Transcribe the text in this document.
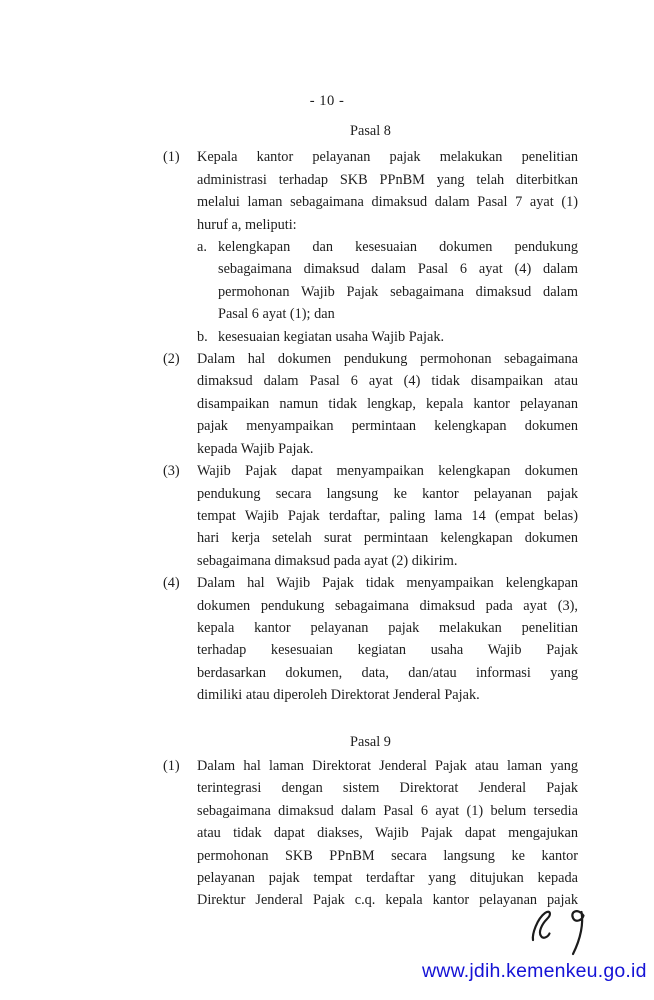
- 10 -
Pasal 8
(1)	Kepala kantor pelayanan pajak melakukan penelitian
administrasi terhadap SKB PPnBM yang telah diterbitkan
melalui laman sebagaimana dimaksud dalam Pasal 7 ayat (1)
huruf a, meliputi:
a. kelengkapan dan kesesuaian dokumen pendukung
sebagaimana dimaksud dalam Pasal 6 ayat (4) dalam
permohonan Wajib Pajak sebagaimana dimaksud dalam
Pasal 6 ayat (1); dan
b. kesesuaian kegiatan usaha Wajib Pajak.
(2)	Dalam hal dokumen pendukung permohonan sebagaimana
dimaksud dalam Pasal 6 ayat (4) tidak disampaikan atau
disampaikan namun tidak lengkap, kepala kantor pelayanan
pajak menyampaikan permintaan kelengkapan dokumen
kepada Wajib Pajak.
(3)	Wajib Pajak dapat menyampaikan kelengkapan dokumen
pendukung secara langsung ke kantor pelayanan pajak
tempat Wajib Pajak terdaftar, paling lama 14 (empat belas)
hari kerja setelah surat permintaan kelengkapan dokumen
sebagaimana dimaksud pada ayat (2) dikirim.
(4)	Dalam hal Wajib Pajak tidak menyampaikan kelengkapan
dokumen pendukung sebagaimana dimaksud pada ayat (3),
kepala kantor pelayanan pajak melakukan penelitian
terhadap kesesuaian kegiatan usaha Wajib Pajak
berdasarkan dokumen, data, dan/atau informasi yang
dimiliki atau diperoleh Direktorat Jenderal Pajak.
Pasal 9
(1)	Dalam hal laman Direktorat Jenderal Pajak atau laman yang
terintegrasi dengan sistem Direktorat Jenderal Pajak
sebagaimana dimaksud dalam Pasal 6 ayat (1) belum tersedia
atau tidak dapat diakses, Wajib Pajak dapat mengajukan
permohonan SKB PPnBM secara langsung ke kantor
pelayanan pajak tempat terdaftar yang ditujukan kepada
Direktur Jenderal Pajak c.q. kepala kantor pelayanan pajak
www.jdih.kemenkeu.go.id
